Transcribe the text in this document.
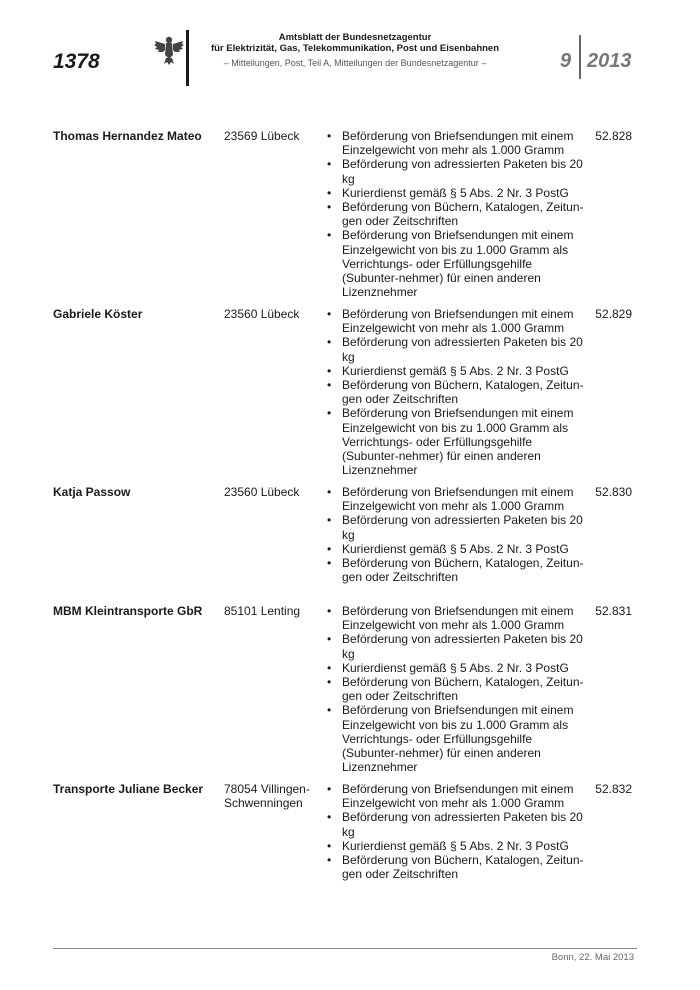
1378
Amtsblatt der Bundesnetzagentur
für Elektrizität, Gas, Telekommunikation, Post und Eisenbahnen
– Mitteilungen, Post, Teil A, Mitteilungen der Bundesnetzagentur –	9 2013
Thomas Hernandez Mateo	23569 Lübeck	• Beförderung von Briefsendungen mit einem Einzelgewicht von mehr als 1.000 Gramm
• Beförderung von adressierten Paketen bis 20 kg
• Kurierdienst gemäß § 5 Abs. 2 Nr. 3 PostG
• Beförderung von Büchern, Katalogen, Zeitun-gen oder Zeitschriften
• Beförderung von Briefsendungen mit einem Einzelgewicht von bis zu 1.000 Gramm als Verrichtungs- oder Erfüllungsgehilfe (Subunter-nehmer) für einen anderen Lizenznehmer
52.828
Gabriele Köster	23560 Lübeck	• Beförderung von Briefsendungen mit einem Einzelgewicht von mehr als 1.000 Gramm
• Beförderung von adressierten Paketen bis 20 kg
• Kurierdienst gemäß § 5 Abs. 2 Nr. 3 PostG
• Beförderung von Büchern, Katalogen, Zeitun-gen oder Zeitschriften
• Beförderung von Briefsendungen mit einem Einzelgewicht von bis zu 1.000 Gramm als Verrichtungs- oder Erfüllungsgehilfe (Subunter-nehmer) für einen anderen Lizenznehmer
52.829
Katja Passow	23560 Lübeck	• Beförderung von Briefsendungen mit einem Einzelgewicht von mehr als 1.000 Gramm
• Beförderung von adressierten Paketen bis 20 kg
• Kurierdienst gemäß § 5 Abs. 2 Nr. 3 PostG
• Beförderung von Büchern, Katalogen, Zeitun-gen oder Zeitschriften
52.830
MBM Kleintransporte GbR	85101 Lenting	• Beförderung von Briefsendungen mit einem Einzelgewicht von mehr als 1.000 Gramm
• Beförderung von adressierten Paketen bis 20 kg
• Kurierdienst gemäß § 5 Abs. 2 Nr. 3 PostG
• Beförderung von Büchern, Katalogen, Zeitun-gen oder Zeitschriften
• Beförderung von Briefsendungen mit einem Einzelgewicht von bis zu 1.000 Gramm als Verrichtungs- oder Erfüllungsgehilfe (Subunter-nehmer) für einen anderen Lizenznehmer
52.831
Transporte Juliane Becker	78054 Villingen-Schwenningen
• Beförderung von Briefsendungen mit einem Einzelgewicht von mehr als 1.000 Gramm
• Beförderung von adressierten Paketen bis 20 kg
• Kurierdienst gemäß § 5 Abs. 2 Nr. 3 PostG
• Beförderung von Büchern, Katalogen, Zeitun-gen oder Zeitschriften
52.832
Bonn, 22. Mai 2013
